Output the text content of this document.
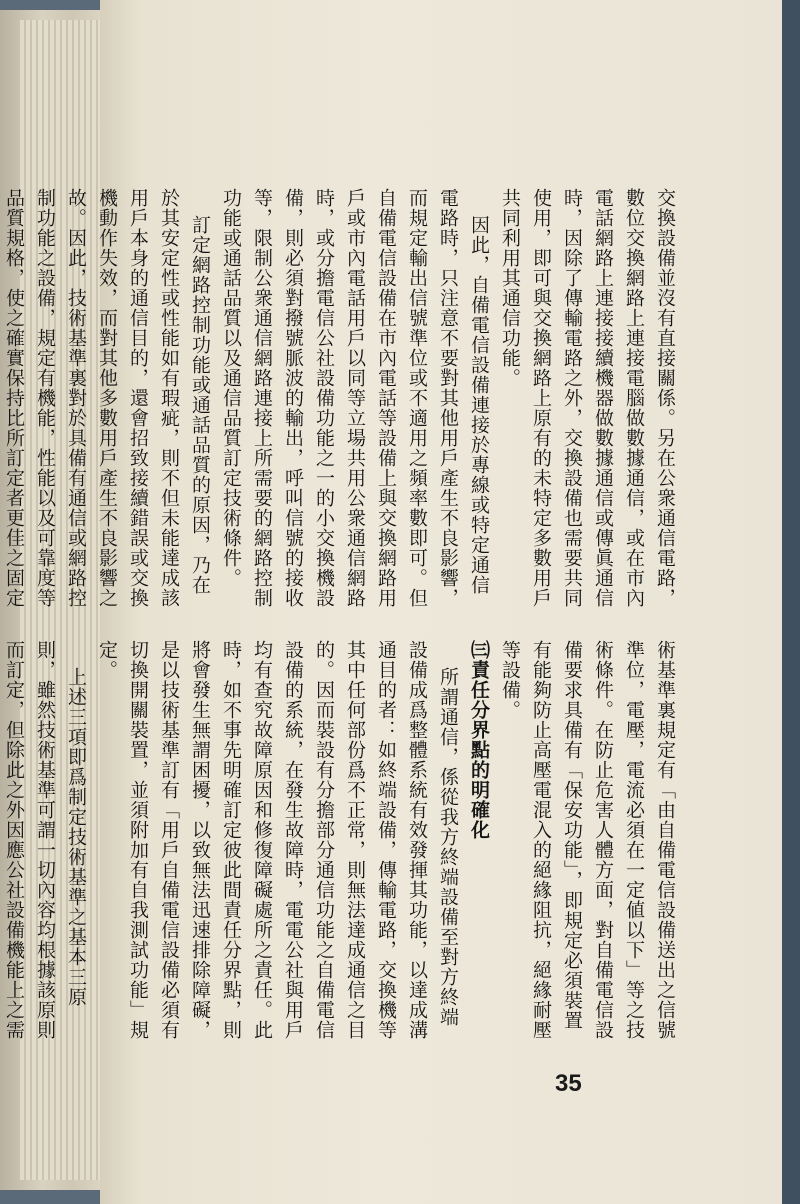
交換設備並沒有直接關係。另在公衆通信電路，數位交換網路上連接電腦做數據通信，或在市內電話網路上連接接續機器做數據通信或傳眞通信時，因除了傳輸電路之外，交換設備也需要共同使用，即可與交換網路上原有的未特定多數用戶共同利用其通信功能。

因此，自備電信設備連接於專線或特定通信電路時，只注意不要對其他用戶產生不良影響，而規定輸出信號準位或不適用之頻率數即可。但自備電信設備在市內電話等設備上與交換網路用戶或市內電話用戶以同等立場共用公衆通信網路時，或分擔電信公社設備功能之一的小交換機設備，則必須對撥號脈波的輸出，呼叫信號的接收等，限制公衆通信網路連接上所需要的網路控制功能或通話品質以及通信品質訂定技術條件。

訂定網路控制功能或通話品質的原因，乃在於其安定性或性能如有瑕疵，則不但未能達成該用戶本身的通信目的，還會招致接續錯誤或交換機動作失效，而對其他多數用戶產生不良影響之故。因此，技術基準裏對於具備有通信或網路控制功能之設備，規定有機能，性能以及可靠度等品質規格，使之確實保持比所訂定者更佳之固定

術基準裏規定有「由自備電信設備送出之信號準位，電壓，電流必須在一定値以下」等之技術條件。在防止危害人體方面，對自備電信設備要求具備有「保安功能」，即規定必須裝置有能夠防止高壓電混入的絕緣阻抗，絕緣耐壓等設備。

㈢責任分界點的明確化

所謂通信，係從我方終端設備至對方終端設備成爲整體系統有效發揮其功能，以達成溝通目的者：如終端設備，傳輸電路，交換機等其中任何部份爲不正常，則無法達成通信之目的。因而裝設有分擔部分通信功能之自備電信設備的系統，在發生故障時，電電公社與用戶均有查究故障原因和修復障礙處所之責任。此時，如不事先明確訂定彼此間責任分界點，則將會發生無謂困擾，以致無法迅速排除障礙，是以技術基準訂有「用戶自備電信設備必須有切換開關裝置，並須附加有自我測試功能」規定。

上述三項即爲制定技術基準之基本三原則，雖然技術基準可謂一切內容均根據該原則而訂定，但除此之外因應公社設備機能上之需

35
